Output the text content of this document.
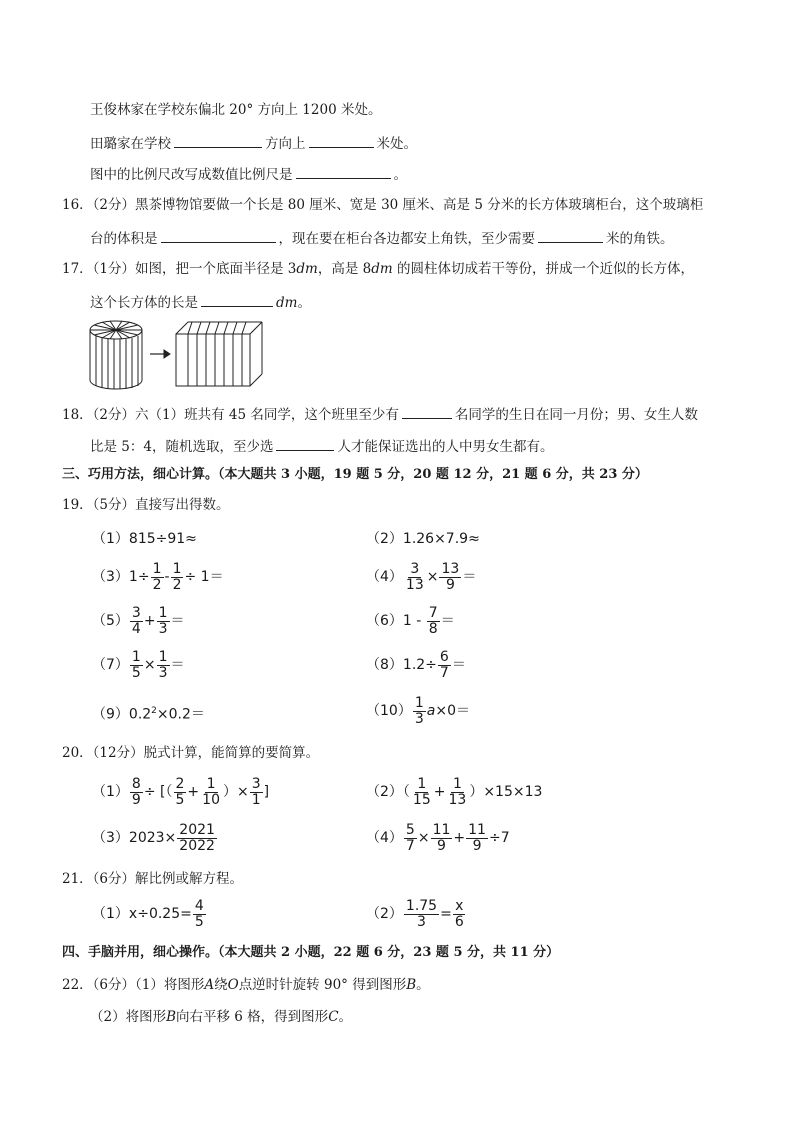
王俊林家在学校东偏北 20° 方向上 1200 米处。
田璐家在学校	方向上	米处。
图中的比例尺改写成数值比例尺是	。
16．（2分）黑茶博物馆要做一个长是 80 厘米、宽是 30 厘米、高是 5 分米的长方体玻璃柜台，这个玻璃柜
台的体积是	，现在要在柜台各边都安上角铁，至少需要	米的角铁。
17．（1分）如图，把一个底面半径是 3dm，高是 8dm 的圆柱体切成若干等份，拼成一个近似的长方体，
这个长方体的长是	dm。
18．（2分）六（1）班共有 45 名同学，这个班里至少有	名同学的生日在同一月份；男、女生人数
比是 5：4，随机选取，至少选	人才能保证选出的人中男女生都有。
三、巧用方法，细心计算。（本大题共 3 小题，19 题 5 分，20 题 12 分，21 题 6 分，共 23 分）
19．（5分）直接写出得数。
（1）815÷91≈	（2）1.26×7.9≈
$(3)1\div \frac{1}{2} - \frac{1}{2} \div 1=$	$(4) \frac{3}{13} \times \frac{13}{9}$ ＝
$(5) \frac{3}{4} + \frac{1}{3}$ ＝	$(6)1 - \frac{7}{8}$ ＝
$(7) \frac{1}{5} \times \frac{1}{3}$ ＝	$(8)1.2\div \frac{6}{7}$ ＝
$(9)0.2^2\times 0.2=$	$(10) \frac{1}{3} a\times 0=$
20．（12分）脱式计算，能简算的要简算。
$(1) \frac{8}{9}$ ÷ [（ $\frac{2}{5} + \frac{1}{10}$ ）× $\frac{3}{1}$ ]	$(2)( \frac{1}{15} + \frac{1}{13} )\times 15\times 13$
$(3)2023\times \frac{2021}{2022}$	$(4) \frac{5}{7} \times \frac{11}{9} + \frac{11}{9} \div 7$
21．（6分）解比例或解方程。
$(1)x\div 0.25= \frac{4}{5}$	$(2) \frac{1.75}{3} = \frac{x}{6}$
四、手脑并用，细心操作。（本大题共 2 小题，22 题 6 分，23 题 5 分，共 11 分）
22．（6分）（1）将图形A绕O点逆时针旋转 90° 得到图形B。
（2）将图形B向右平移 6 格，得到图形C。
